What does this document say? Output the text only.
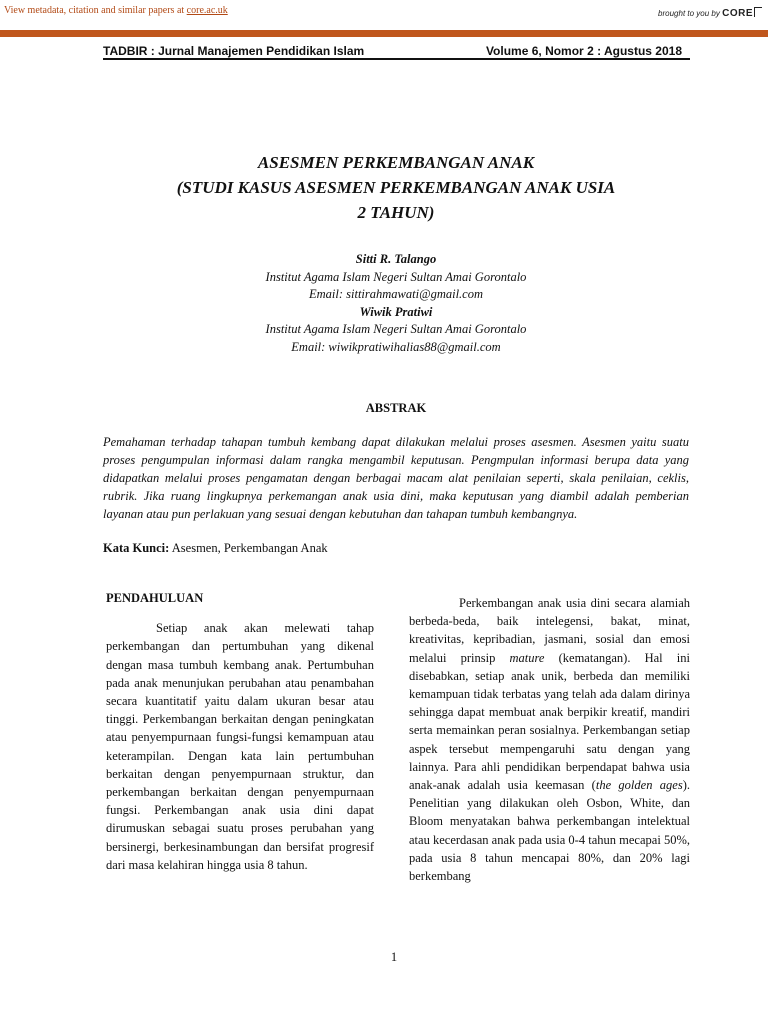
View metadata, citation and similar papers at core.ac.uk	brought to you by CORE
TADBIR : Jurnal Manajemen Pendidikan Islam	Volume 6, Nomor 2 : Agustus 2018
ASESMEN PERKEMBANGAN ANAK
(STUDI KASUS ASESMEN PERKEMBANGAN ANAK USIA
2 TAHUN)
Sitti R. Talango
Institut Agama Islam Negeri Sultan Amai Gorontalo
Email: sittirahmawati@gmail.com
Wiwik Pratiwi
Institut Agama Islam Negeri Sultan Amai Gorontalo
Email: wiwikpratiwihalias88@gmail.com
ABSTRAK
Pemahaman terhadap tahapan tumbuh kembang dapat dilakukan melalui proses asesmen. Asesmen yaitu suatu proses pengumpulan informasi dalam rangka mengambil keputusan. Pengmpulan informasi berupa data yang didapatkan melalui proses pengamatan dengan berbagai macam alat penilaian seperti, skala penilaian, ceklis, rubrik. Jika ruang lingkupnya perkemangan anak usia dini, maka keputusan yang diambil adalah pemberian layanan atau pun perlakuan yang sesuai dengan kebutuhan dan tahapan tumbuh kembangnya.
Kata Kunci: Asesmen, Perkembangan Anak
PENDAHULUAN
Setiap anak akan melewati tahap perkembangan dan pertumbuhan yang dikenal dengan masa tumbuh kembang anak. Pertumbuhan pada anak menunjukan perubahan atau penambahan secara kuantitatif yaitu dalam ukuran besar atau tinggi. Perkembangan berkaitan dengan peningkatan atau penyempurnaan fungsi-fungsi kemampuan atau keterampilan. Dengan kata lain pertumbuhan berkaitan dengan penyempurnaan struktur, dan perkembangan berkaitan dengan penyempurnaan fungsi. Perkembangan anak usia dini dapat dirumuskan sebagai suatu proses perubahan yang bersinergi, berkesinambungan dan bersifat progresif dari masa kelahiran hingga usia 8 tahun.
Perkembangan anak usia dini secara alamiah berbeda-beda, baik intelegensi, bakat, minat, kreativitas, kepribadian, jasmani, sosial dan emosi melalui prinsip mature (kematangan). Hal ini disebabkan, setiap anak unik, berbeda dan memiliki kemampuan tidak terbatas yang telah ada dalam dirinya sehingga dapat membuat anak berpikir kreatif, mandiri serta memainkan peran sosialnya. Perkembangan setiap aspek tersebut mempengaruhi satu dengan yang lainnya. Para ahli pendidikan berpendapat bahwa usia anak-anak adalah usia keemasan (the golden ages). Penelitian yang dilakukan oleh Osbon, White, dan Bloom menyatakan bahwa perkembangan intelektual atau kecerdasan anak pada usia 0-4 tahun mecapai 50%, pada usia 8 tahun mencapai 80%, dan 20% lagi berkembang
1
